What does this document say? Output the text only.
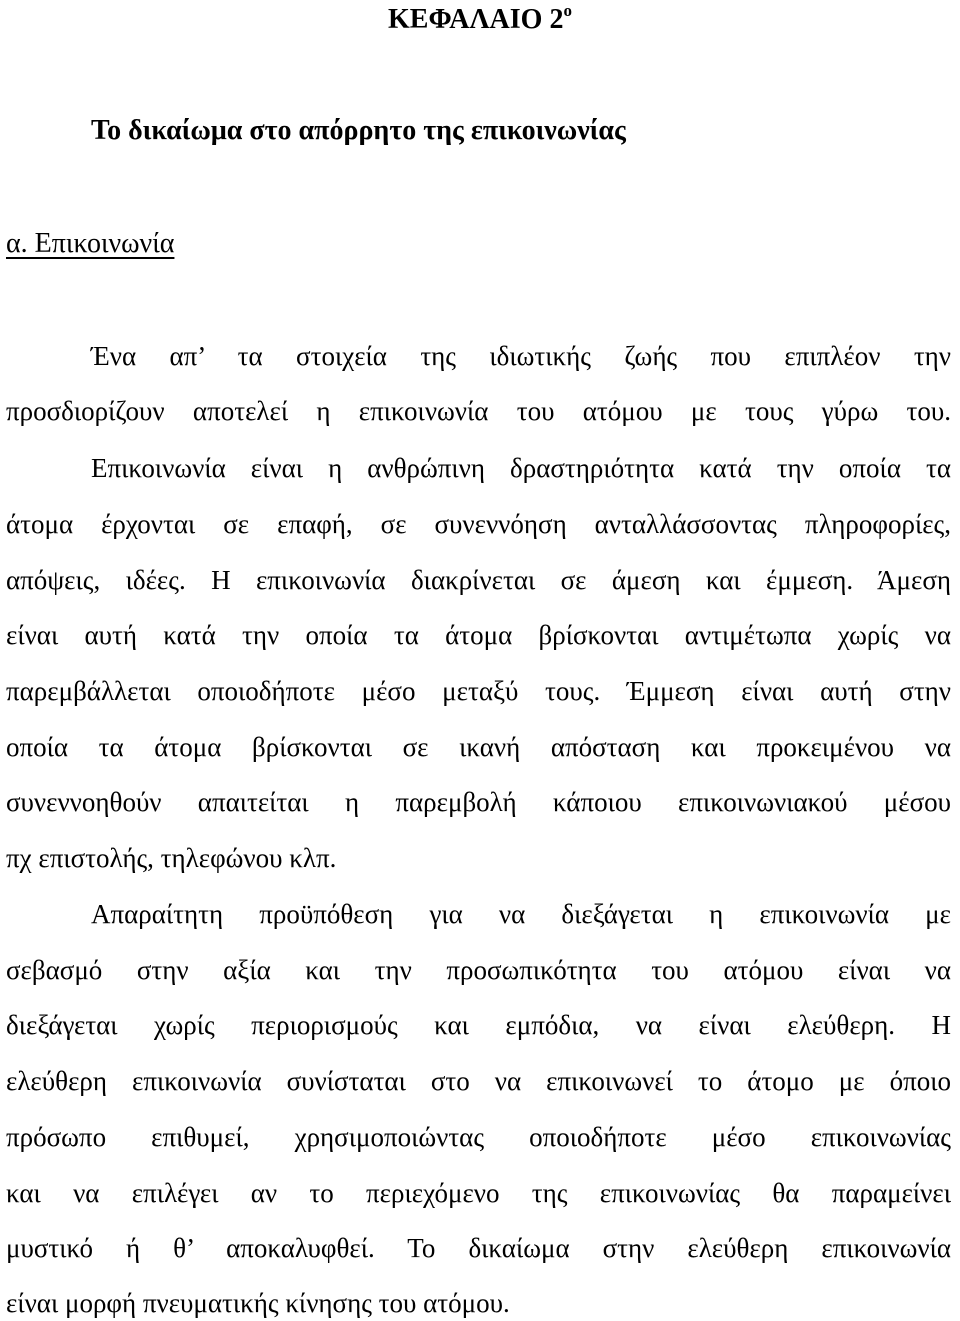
ΚΕΦΑΛΑΙΟ $2^o$
Το δικαίωμα στο απόρρητο της επικοινωνίας
α. Επικοινωνία
Ένα απ’ τα στοιχεία της ιδιωτικής ζωής που επιπλέον την
προσδιορίζουν αποτελεί η επικοινωνία του ατόμου με τους γύρω του.
Επικοινωνία είναι η ανθρώπινη δραστηριότητα κατά την οποία τα
άτομα έρχονται σε επαφή, σε συνεννόηση ανταλλάσσοντας πληροφορίες,
απόψεις, ιδέες. Η επικοινωνία διακρίνεται σε άμεση και έμμεση. Άμεση
είναι αυτή κατά την οποία τα άτομα βρίσκονται αντιμέτωπα χωρίς να
παρεμβάλλεται οποιοδήποτε μέσο μεταξύ τους. Έμμεση είναι αυτή στην
οποία τα άτομα βρίσκονται σε ικανή απόσταση και προκειμένου να
συνεννοηθούν απαιτείται η παρεμβολή κάποιου επικοινωνιακού μέσου
πχ επιστολής, τηλεφώνου κλπ.
Απαραίτητη προϋπόθεση για να διεξάγεται η επικοινωνία με
σεβασμό στην αξία και την προσωπικότητα του ατόμου είναι να
διεξάγεται χωρίς περιορισμούς και εμπόδια, να είναι ελεύθερη. Η
ελεύθερη επικοινωνία συνίσταται στο να επικοινωνεί το άτομο με όποιο
πρόσωπο επιθυμεί, χρησιμοποιώντας οποιοδήποτε μέσο επικοινωνίας
και να επιλέγει αν το περιεχόμενο της επικοινωνίας θα παραμείνει
μυστικό ή θ’ αποκαλυφθεί. Το δικαίωμα στην ελεύθερη επικοινωνία
είναι μορφή πνευματικής κίνησης του ατόμου.
